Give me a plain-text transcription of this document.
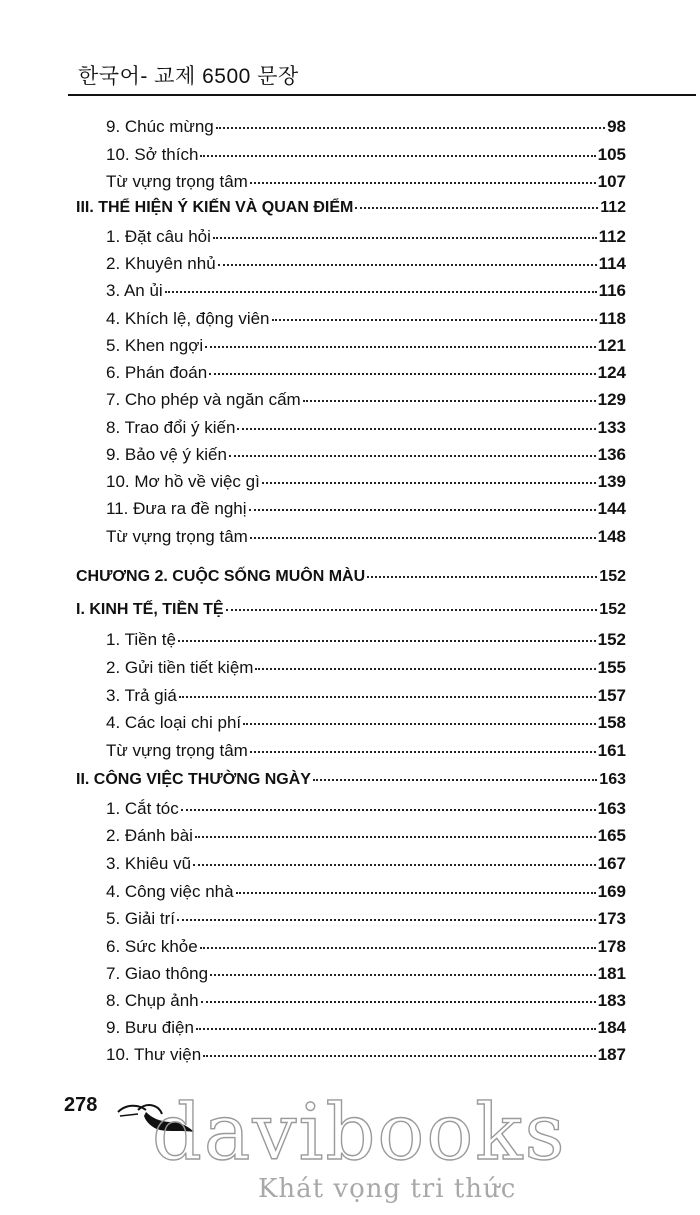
한국어- 교제 6500 문장
9. Chúc mừng	98
10. Sở thích	105
Từ vựng trọng tâm	107
III. THỂ HIỆN Ý KIẾN VÀ QUAN ĐIỂM	112
1. Đặt câu hỏi	112
2. Khuyên nhủ	114
3. An ủi	116
4. Khích lệ, động viên	118
5. Khen ngợi	121
6. Phán đoán	124
7. Cho phép và ngăn cấm	129
8. Trao đổi ý kiến	133
9. Bảo vệ ý kiến	136
10. Mơ hồ về việc gì	139
11. Đưa ra đề nghị	144
Từ vựng trọng tâm	148
CHƯƠNG 2. CUỘC SỐNG MUÔN MÀU	152
I. KINH TẾ, TIỀN TỆ	152
1. Tiền tệ	152
2. Gửi tiền tiết kiệm	155
3. Trả giá	157
4. Các loại chi phí	158
Từ vựng trọng tâm	161
II. CÔNG VIỆC THƯỜNG NGÀY	163
1. Cắt tóc	163
2. Đánh bài	165
3. Khiêu vũ	167
4. Công việc nhà	169
5. Giải trí	173
6. Sức khỏe	178
7. Giao thông	181
8. Chụp ảnh	183
9. Bưu điện	184
10. Thư viện	187
278 davibooks
Khát vọng tri thức
